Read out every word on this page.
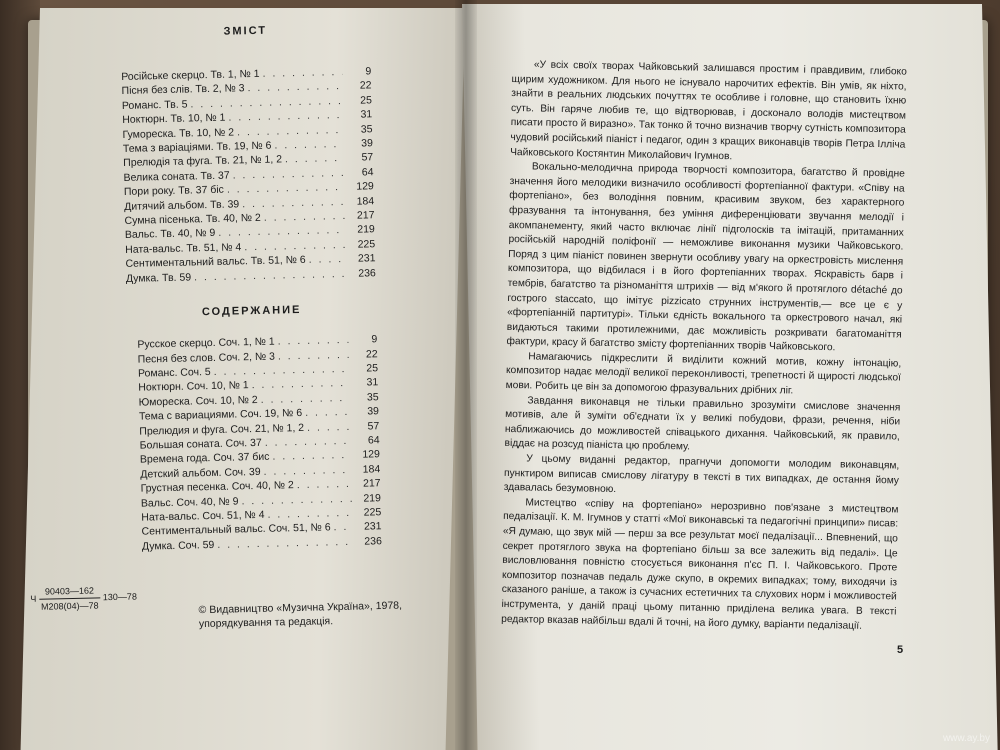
ЗМІСТ
Російське скерцо. Тв. 1, № 1 . . .	9
Пісня без слів. Тв. 2, № 3 . . .	22
Романс. Тв. 5 . . .	25
Ноктюрн. Тв. 10, № 1 . . .	31
Гумореска. Тв. 10, № 2 . . .	35
Тема з варіаціями. Тв. 19, № 6 . . .	39
Прелюдія та фуга. Тв. 21, № 1, 2 . . .	57
Велика соната. Тв. 37 . . .	64
Пори року. Тв. 37 біс . . .	129
Дитячий альбом. Тв. 39 . . .	184
Сумна пісенька. Тв. 40, № 2 . . .	217
Вальс. Тв. 40, № 9 . . .	219
Ната-вальс. Тв. 51, № 4 . . .	225
Сентиментальний вальс. Тв. 51, № 6 . . .	231
Думка. Тв. 59 . . .	236
СОДЕРЖАНИЕ
Русское скерцо. Соч. 1, № 1 . . .	9
Песня без слов. Соч. 2, № 3 . . .	22
Романс. Соч. 5 . . .	25
Ноктюрн. Соч. 10, № 1 . . .	31
Юмореска. Соч. 10, № 2 . . .	35
Тема с вариациями. Соч. 19, № 6 . . .	39
Прелюдия и фуга. Соч. 21, № 1, 2 . . .	57
Большая соната. Соч. 37 . . .	64
Времена года. Соч. 37 бис . . .	129
Детский альбом. Соч. 39 . . .	184
Грустная песенка. Соч. 40, № 2 . . .	217
Вальс. Соч. 40, № 9 . . .	219
Ната-вальс. Соч. 51, № 4 . . .	225
Сентиментальный вальс. Соч. 51, № 6 . . .	231
Думка. Соч. 59 . . .	236
Ч $\frac{90403—162}{М208(04)—78}$ 130—78
© Видавництво «Музична Україна», 1978,
упорядкування та редакція.

«У всіх своїх творах Чайковський залишався простим і правдивим, глибоко щирим художником. Для нього не існувало нарочитих ефектів. Він умів, як ніхто, знайти в реальних людських почуттях те особливе і головне, що становить їхню суть. Він гаряче любив те, що відтворював, і досконало володів мистецтвом писати просто й виразно». Так тонко й точно визначив творчу сутність композитора чудовий російський піаніст і педагог, один з кращих виконавців творів Петра Ілліча Чайковського Костянтин Миколайович Ігумнов.

Вокально-мелодична природа творчості композитора, багатство й провідне значення його мелодики визначило особливості фортепіанної фактури. «Співу на фортепіано», без володіння повним, красивим звуком, без характерного фразування та інтонування, без уміння диференціювати звучання мелодії і акомпанементу, який часто включає лінії підголосків та імітацій, притаманних російській народній поліфонії — неможливе виконання музики Чайковського. Поряд з цим піаніст повинен звернути особливу увагу на оркестровість мислення композитора, що відбилася і в його фортепіанних творах. Яскравість барв і тембрів, багатство та різноманіття штрихів — від м'якого й протяглого détaché до гострого staccato, що імітує pizzicato струнних інструментів,— все це є у «фортепіанній партитурі». Тільки єдність вокального та оркестрового начал, які видаються такими протилежними, дає можливість розкривати багатоманіття фактури, красу й багатство змісту фортепіанних творів Чайковського.

Намагаючись підкреслити й виділити кожний мотив, кожну інтонацію, композитор надає мелодії великої переконливості, трепетності й щирості людської мови. Робить це він за допомогою фразувальних дрібних ліг.

Завдання виконавця не тільки правильно зрозуміти смислове значення мотивів, але й зуміти об'єднати їх у великі побудови, фрази, речення, ніби наближаючись до можливостей співацького дихання. Чайковський, як правило, віддає на розсуд піаніста цю проблему.

У цьому виданні редактор, прагнучи допомогти молодим виконавцям, пунктиром виписав смислову лігатуру в тексті в тих випадках, де остання йому здавалась безумовною.

Мистецтво «співу на фортепіано» нерозривно пов'язане з мистецтвом педалізації. К. М. Ігумнов у статті «Мої виконавські та педагогічні принципи» писав: «Я думаю, що звук мій — перш за все результат моєї педалізації... Впевнений, що секрет протяглого звука на фортепіано більш за все залежить від педалі». Це висловлювання повністю стосується виконання п'єс П. І. Чайковського. Проте композитор позначав педаль дуже скупо, в окремих випадках; тому, виходячи із сказаного раніше, а також із сучасних естетичних та слухових норм і можливостей інструмента, у даній праці цьому питанню приділена велика увага. В тексті редактор вказав найбільш вдалі й точні, на його думку, варіанти педалізації.

5
www.ay.by
